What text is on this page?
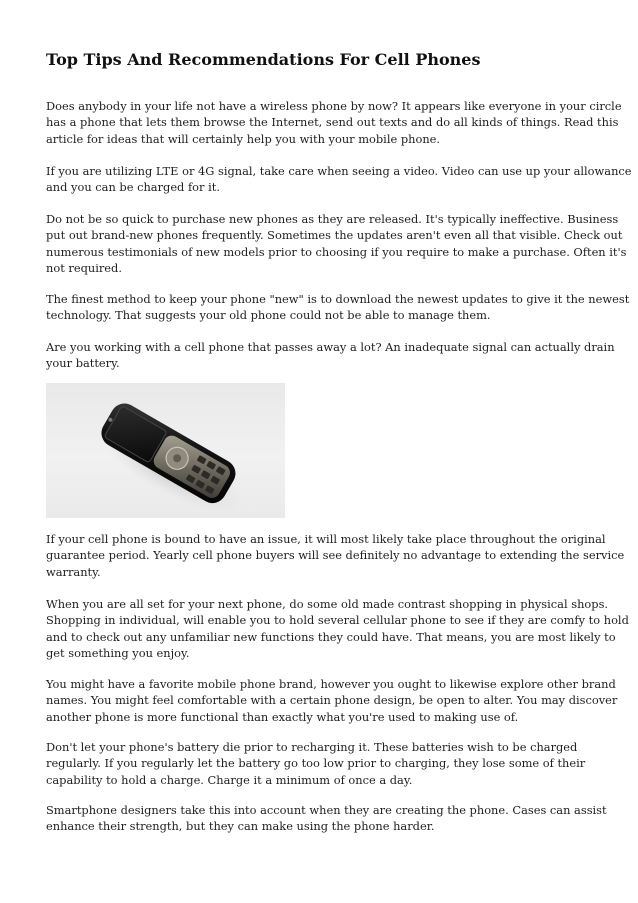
Top Tips And Recommendations For Cell Phones

Does anybody in your life not have a wireless phone by now? It appears like everyone in your circle
has a phone that lets them browse the Internet, send out texts and do all kinds of things. Read this
article for ideas that will certainly help you with your mobile phone.

If you are utilizing LTE or 4G signal, take care when seeing a video. Video can use up your allowance
and you can be charged for it.

Do not be so quick to purchase new phones as they are released. It's typically ineffective. Business
put out brand-new phones frequently. Sometimes the updates aren't even all that visible. Check out
numerous testimonials of new models prior to choosing if you require to make a purchase. Often it's
not required.

The finest method to keep your phone "new" is to download the newest updates to give it the newest
technology. That suggests your old phone could not be able to manage them.

Are you working with a cell phone that passes away a lot? An inadequate signal can actually drain
your battery.

If your cell phone is bound to have an issue, it will most likely take place throughout the original
guarantee period. Yearly cell phone buyers will see definitely no advantage to extending the service
warranty.

When you are all set for your next phone, do some old made contrast shopping in physical shops.
Shopping in individual, will enable you to hold several cellular phone to see if they are comfy to hold
and to check out any unfamiliar new functions they could have. That means, you are most likely to
get something you enjoy.

You might have a favorite mobile phone brand, however you ought to likewise explore other brand
names. You might feel comfortable with a certain phone design, be open to alter. You may discover
another phone is more functional than exactly what you're used to making use of.

Don't let your phone's battery die prior to recharging it. These batteries wish to be charged
regularly. If you regularly let the battery go too low prior to charging, they lose some of their
capability to hold a charge. Charge it a minimum of once a day.

Smartphone designers take this into account when they are creating the phone. Cases can assist
enhance their strength, but they can make using the phone harder.
